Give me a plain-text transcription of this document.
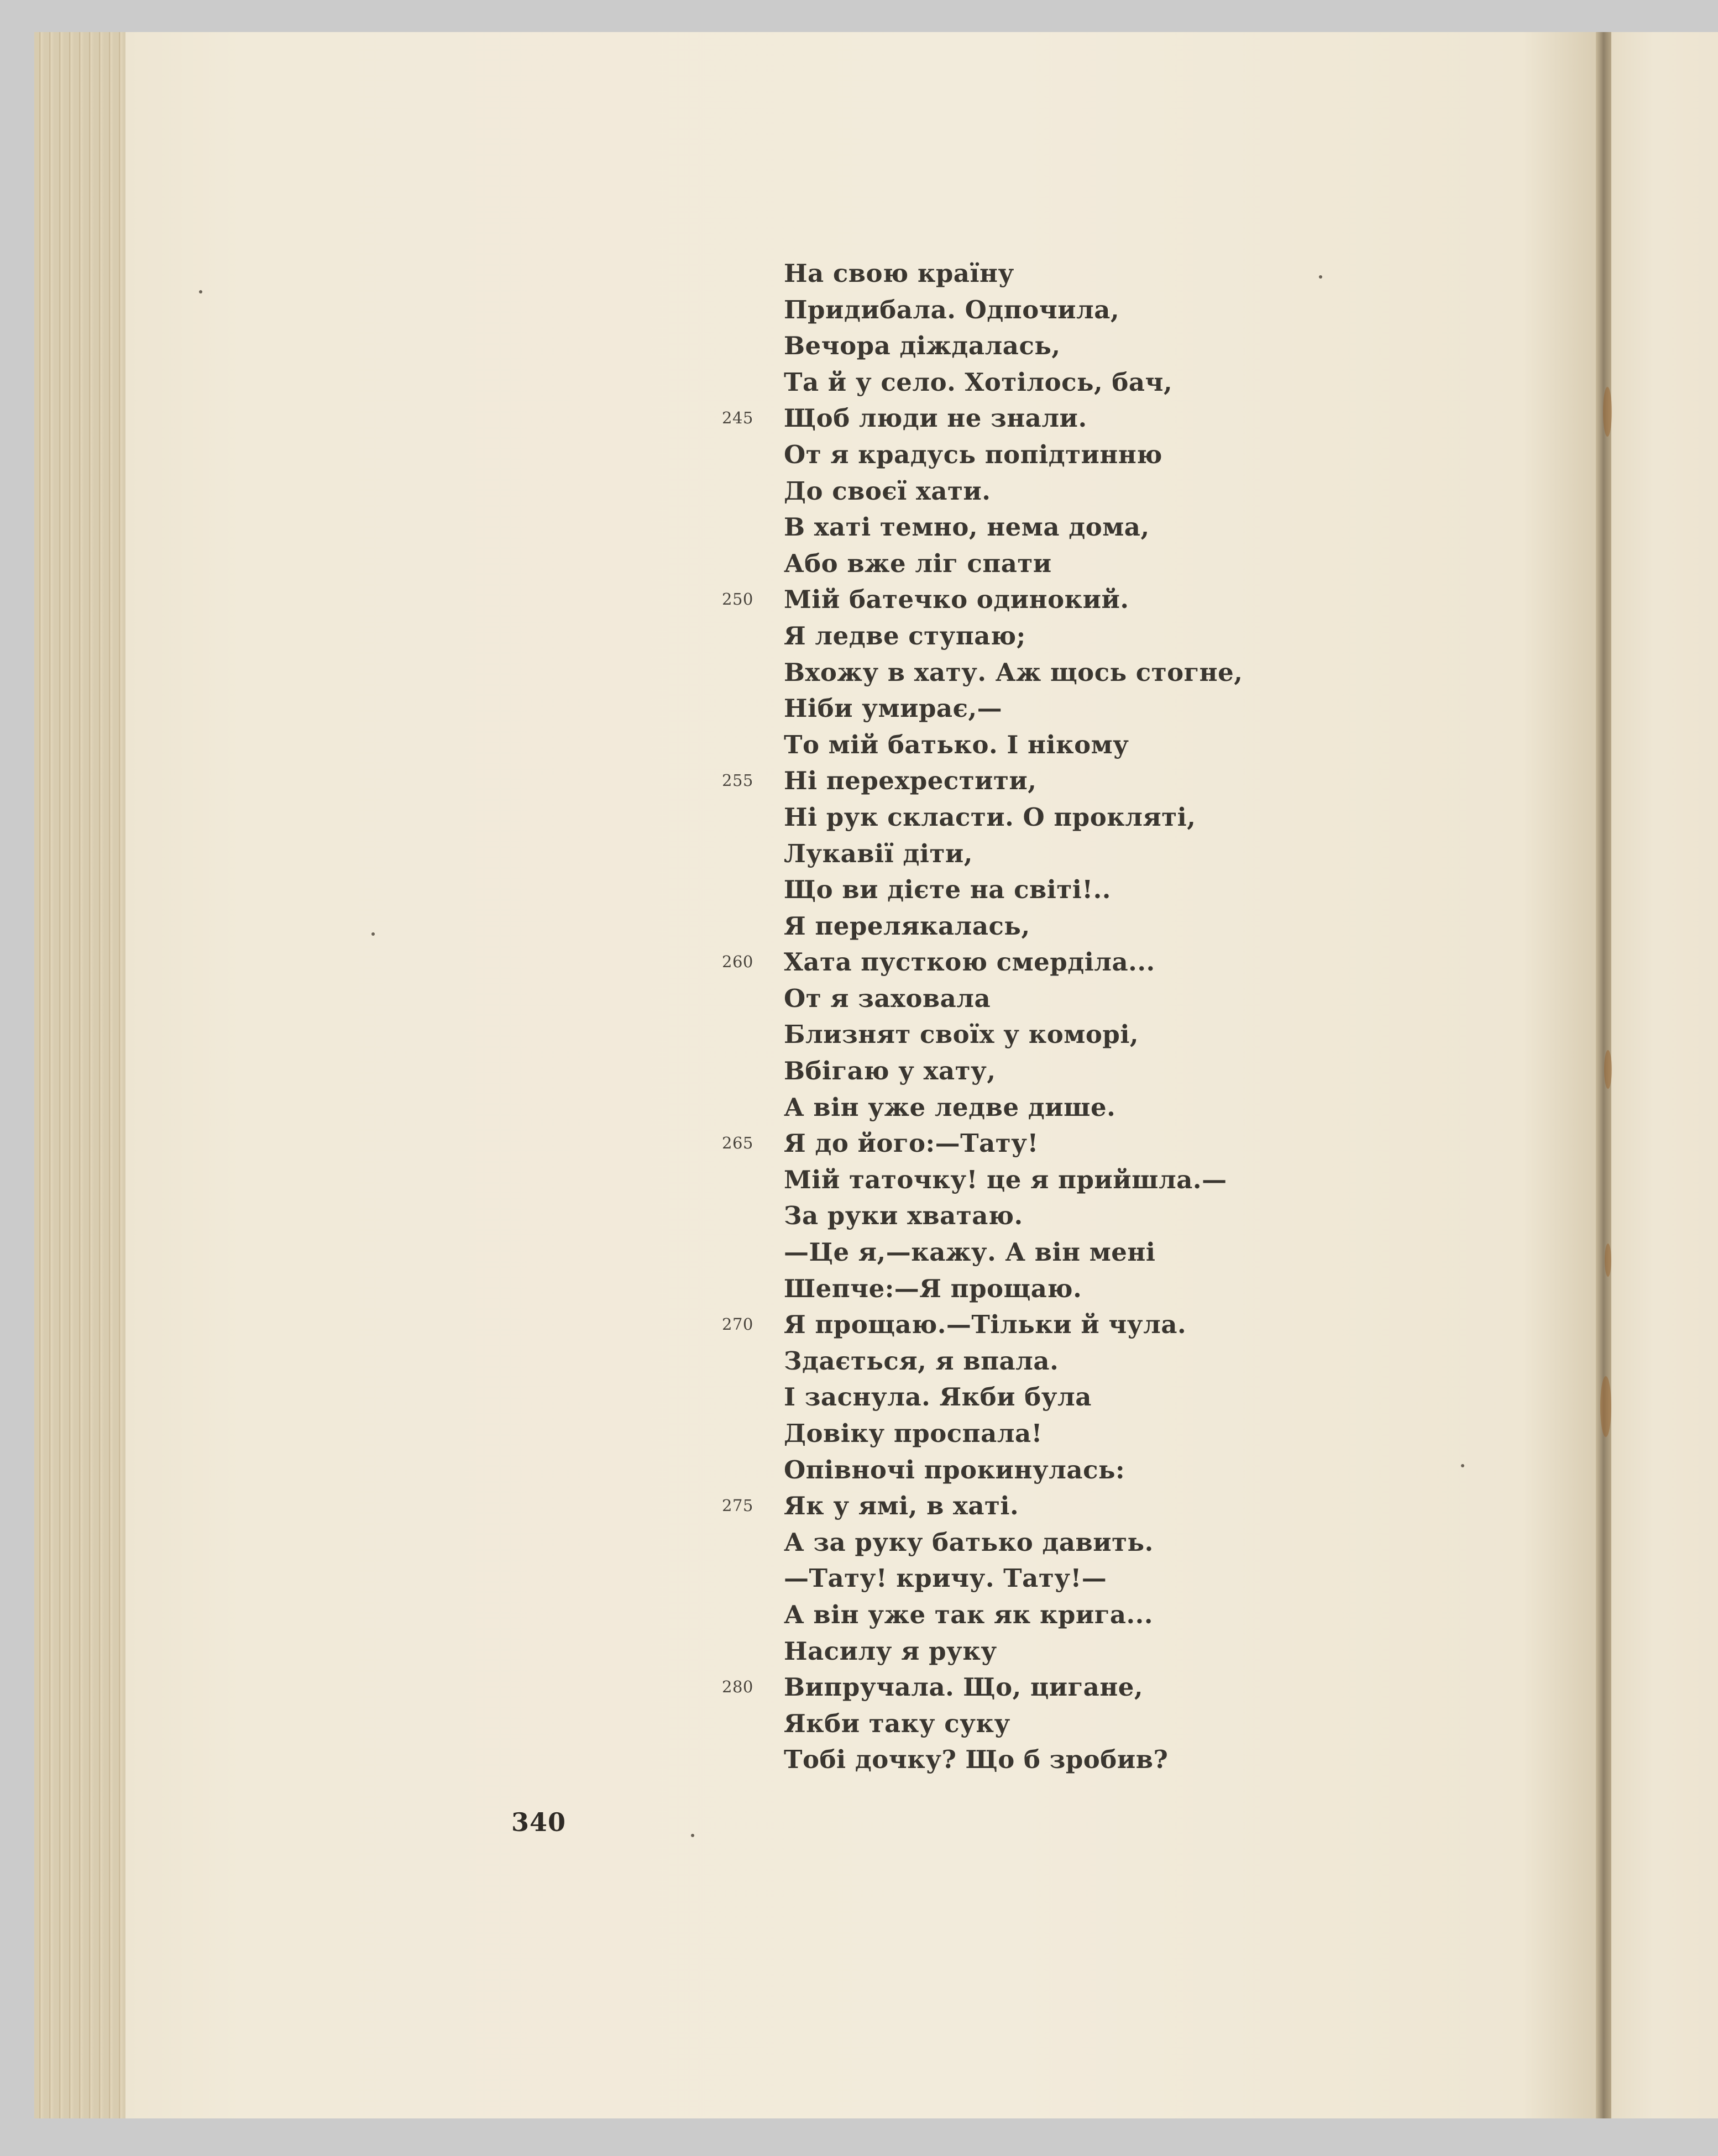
На свою країну
Придибала. Одпочила,
Вечора діждалась,
Та й у село. Хотілось, бач,
245	Щоб люди не знали.
От я крадусь попідтинню
До своєї хати.
В хаті темно, нема дома,
Або вже ліг спати
250	Мій батечко одинокий.
Я ледве ступаю;
Вхожу в хату. Аж щось стогне,
Ніби умирає,—
То мій батько. І нікому
255	Ні перехрестити,
Ні рук скласти. О прокляті,
Лукавії діти,
Що ви дієте на світі!..
Я перелякалась,
260	Хата пусткою смерділа...
От я заховала
Близнят своїх у коморі,
Вбігаю у хату,
А він уже ледве дише.
265	Я до його:—Тату!
Мій таточку! це я прийшла.—
За руки хватаю.
—Це я,—кажу. А він мені
Шепче:—Я прощаю.
270	Я прощаю.—Тільки й чула.
Здається, я впала.
І заснула. Якби була
Довіку проспала!
Опівночі прокинулась:
275	Як у ямі, в хаті.
А за руку батько давить.
—Тату! кричу. Тату!—
А він уже так як крига...
Насилу я руку
280	Випручала. Що, цигане,
Якби таку суку
Тобі дочку? Що б зробив?
340
